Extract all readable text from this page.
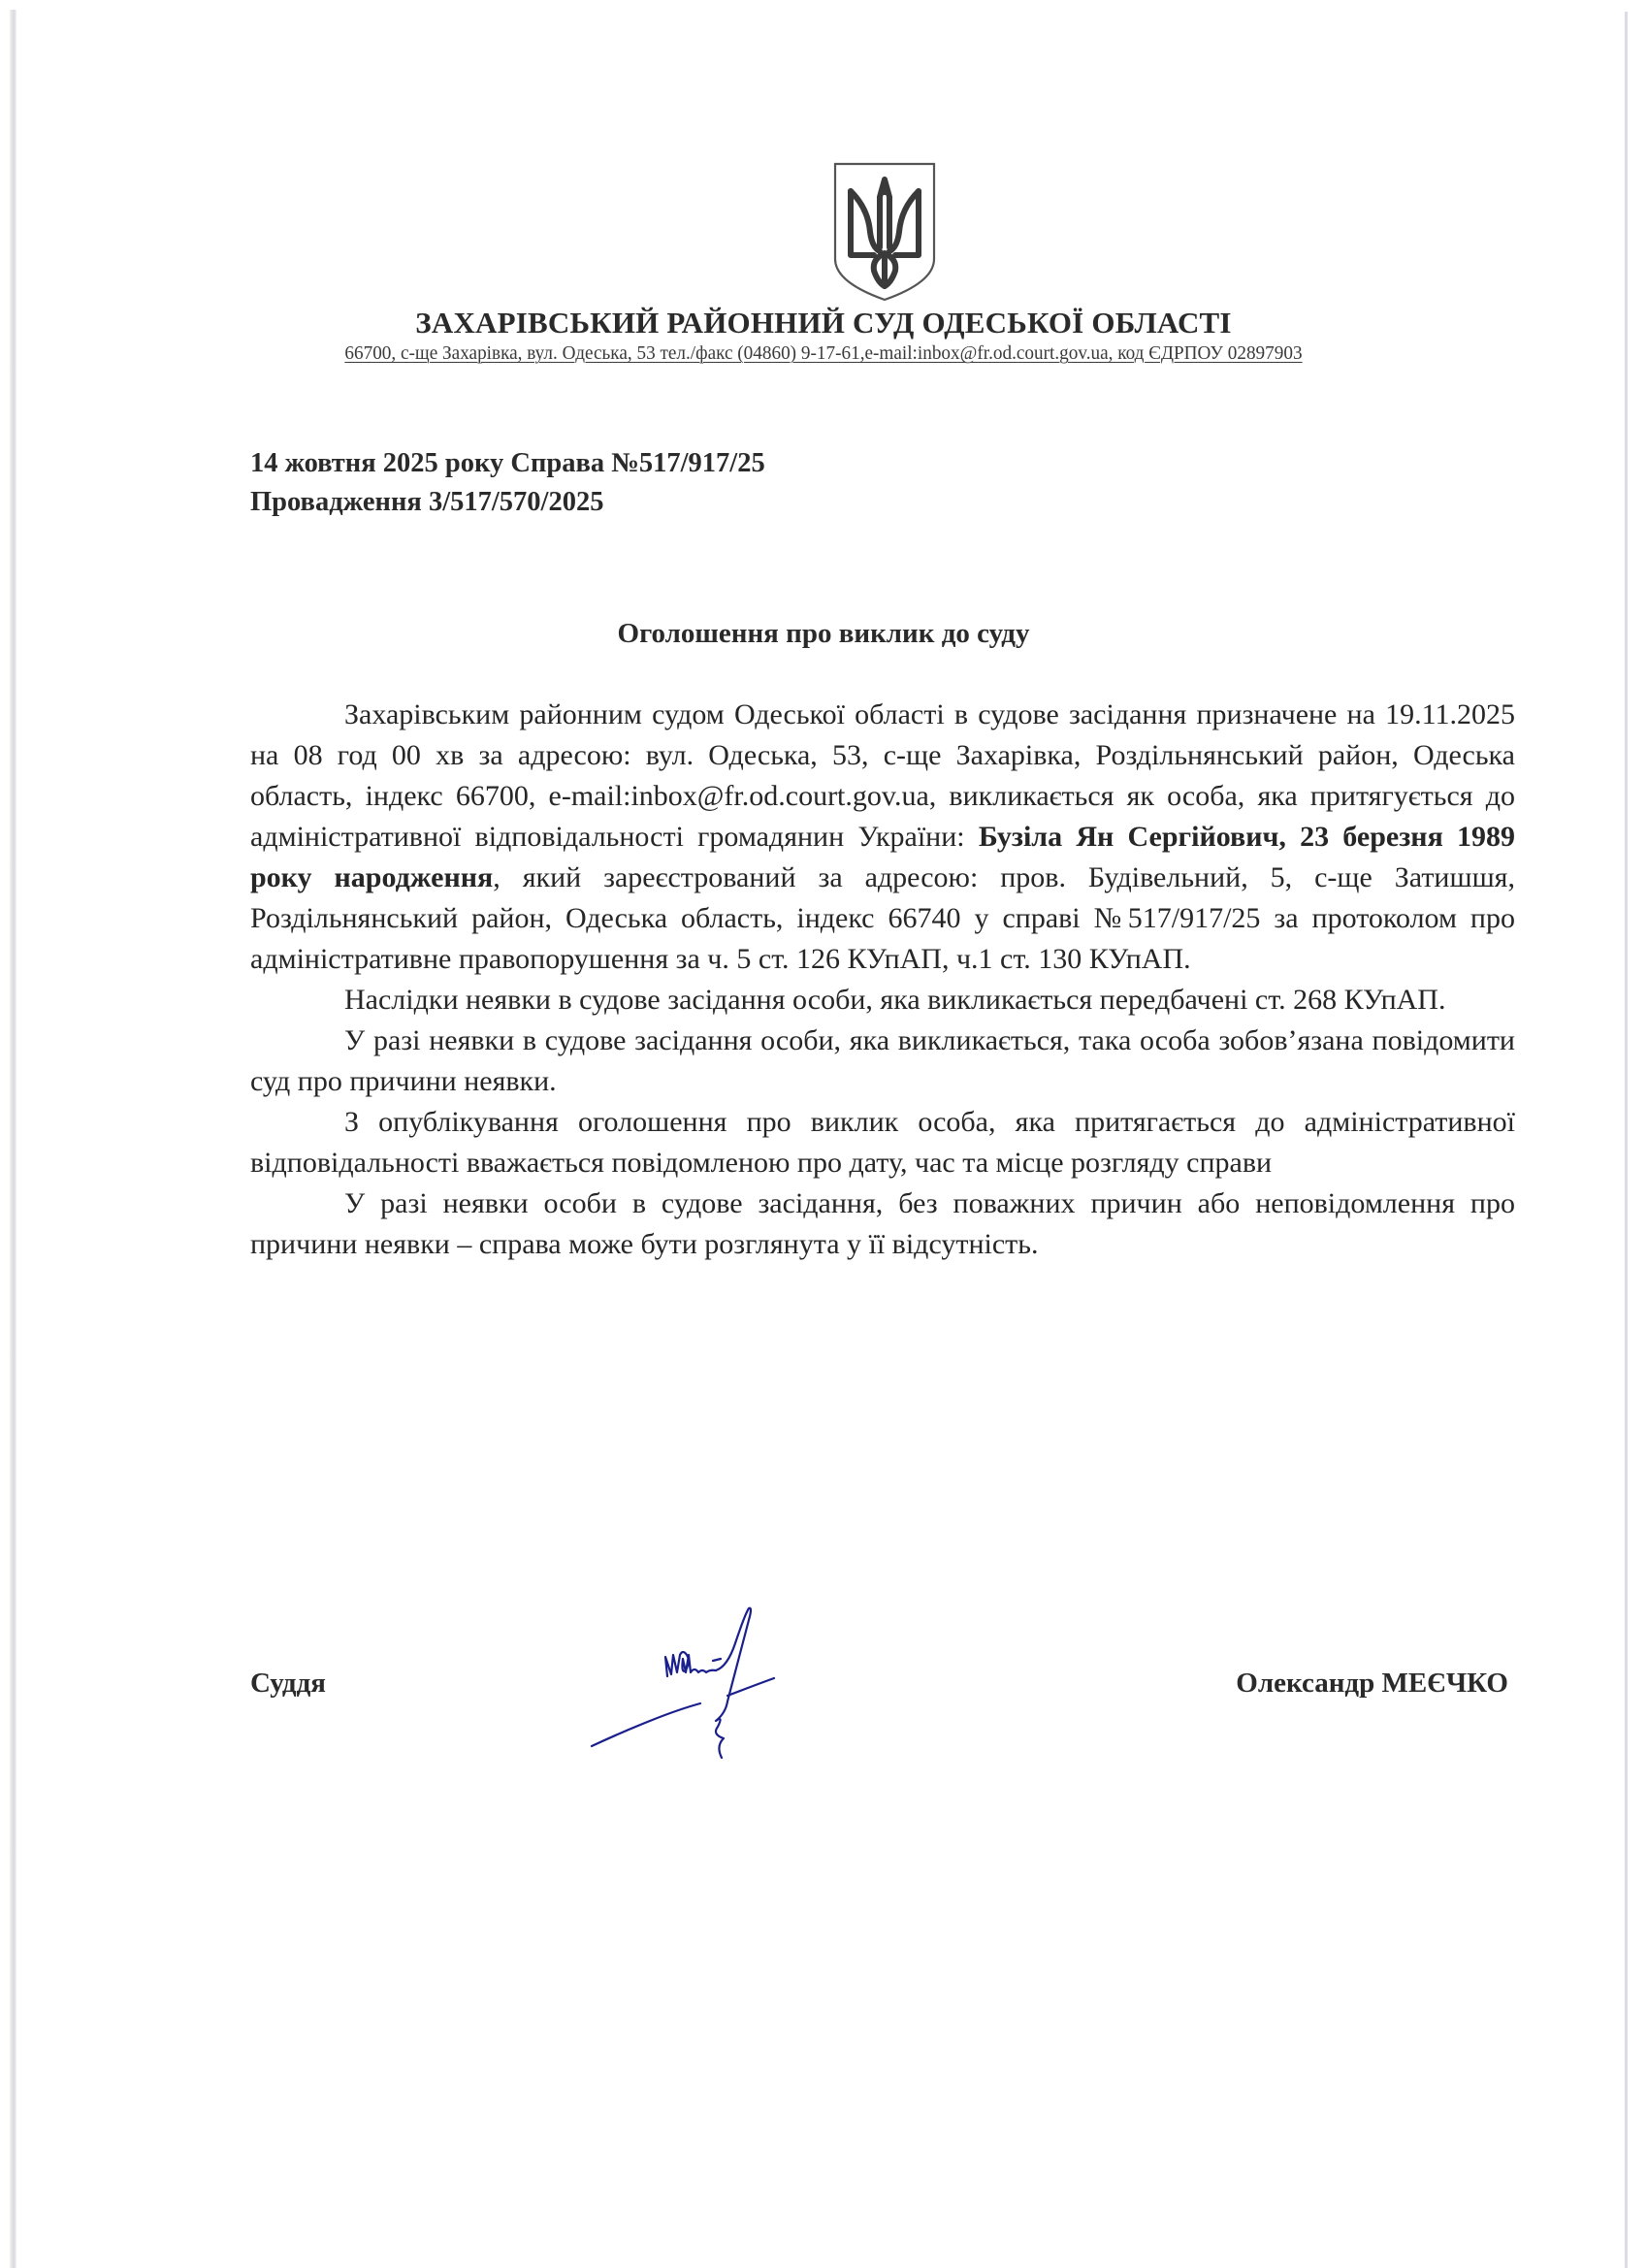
ЗАХАРІВСЬКИЙ РАЙОННИЙ СУД ОДЕСЬКОЇ ОБЛАСТІ
66700, с-ще Захарівка, вул. Одеська, 53 тел./факс (04860) 9-17-61,e-mail:inbox@fr.od.court.gov.ua, код ЄДРПОУ 02897903
14 жовтня 2025 року Справа №517/917/25
Провадження 3/517/570/2025
Оголошення про виклик до суду

Захарівським районним судом Одеської області в судове засідання призначене на 19.11.2025 на 08 год 00 хв за адресою: вул. Одеська, 53, с-ще Захарівка, Роздільнянський район, Одеська область, індекс 66700, e-mail:inbox@fr.od.court.gov.ua, викликається як особа, яка притягується до адміністративної відповідальності громадянин України: Бузіла Ян Сергійович, 23 березня 1989 року народження, який зареєстрований за адресою: пров. Будівельний, 5, с-ще Затишшя, Роздільнянський район, Одеська область, індекс 66740 у справі №517/917/25 за протоколом про адміністративне правопорушення за ч. 5 ст. 126 КУпАП, ч.1 ст. 130 КУпАП.

Наслідки неявки в судове засідання особи, яка викликається передбачені ст. 268 КУпАП.

У разі неявки в судове засідання особи, яка викликається, така особа зобов’язана повідомити суд про причини неявки.

З опублікування оголошення про виклик особа, яка притягається до адміністративної відповідальності вважається повідомленою про дату, час та місце розгляду справи

У разі неявки особи в судове засідання, без поважних причин або неповідомлення про причини неявки – справа може бути розглянута у її відсутність.

Суддя	Олександр МЕЄЧКО
